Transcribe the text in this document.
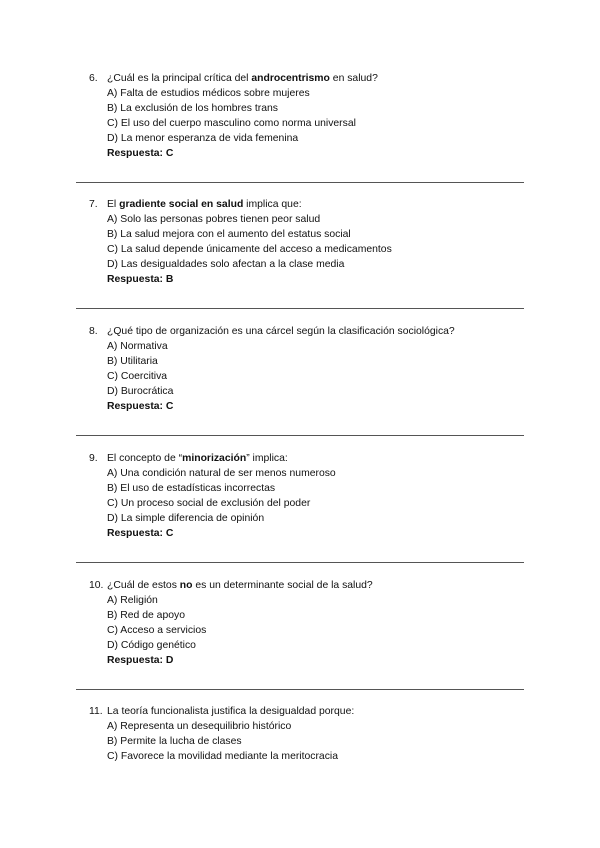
6. ¿Cuál es la principal crítica del androcentrismo en salud?
A) Falta de estudios médicos sobre mujeres
B) La exclusión de los hombres trans
C) El uso del cuerpo masculino como norma universal
D) La menor esperanza de vida femenina
Respuesta: C
7. El gradiente social en salud implica que:
A) Solo las personas pobres tienen peor salud
B) La salud mejora con el aumento del estatus social
C) La salud depende únicamente del acceso a medicamentos
D) Las desigualdades solo afectan a la clase media
Respuesta: B
8. ¿Qué tipo de organización es una cárcel según la clasificación sociológica?
A) Normativa
B) Utilitaria
C) Coercitiva
D) Burocrática
Respuesta: C
9. El concepto de “minorización” implica:
A) Una condición natural de ser menos numeroso
B) El uso de estadísticas incorrectas
C) Un proceso social de exclusión del poder
D) La simple diferencia de opinión
Respuesta: C
10. ¿Cuál de estos no es un determinante social de la salud?
A) Religión
B) Red de apoyo
C) Acceso a servicios
D) Código genético
Respuesta: D
11. La teoría funcionalista justifica la desigualdad porque:
A) Representa un desequilibrio histórico
B) Permite la lucha de clases
C) Favorece la movilidad mediante la meritocracia
